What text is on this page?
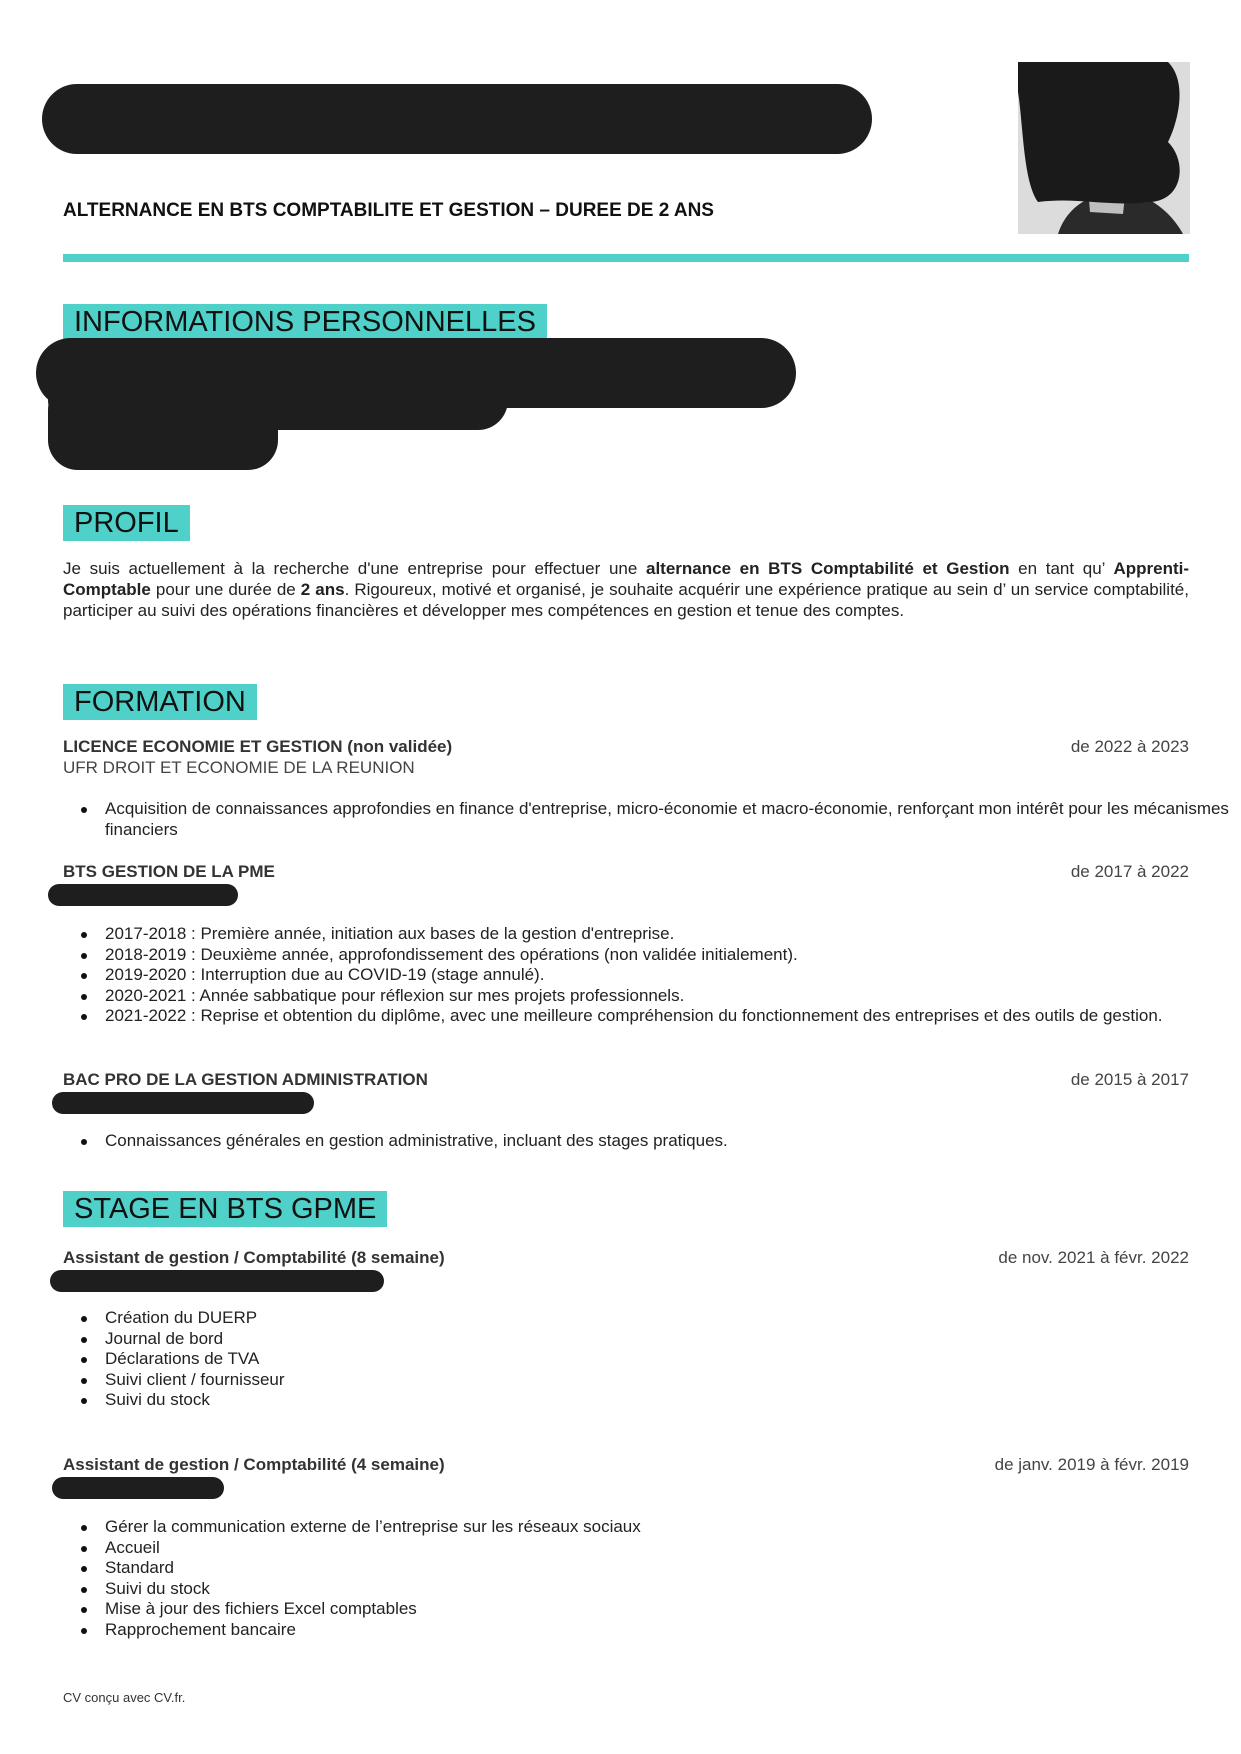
ALTERNANCE EN BTS COMPTABILITE ET GESTION – DUREE DE 2 ANS
INFORMATIONS PERSONNELLES
PROFIL
Je suis actuellement à la recherche d'une entreprise pour effectuer une alternance en BTS Comptabilité et Gestion en tant qu’ Apprenti-Comptable pour une durée de 2 ans. Rigoureux, motivé et organisé, je souhaite acquérir une expérience pratique au sein d’ un service comptabilité, participer au suivi des opérations financières et développer mes compétences en gestion et tenue des comptes.
FORMATION
LICENCE ECONOMIE ET GESTION (non validée)	de 2022 à 2023
UFR DROIT ET ECONOMIE DE LA REUNION
Acquisition de connaissances approfondies en finance d'entreprise, micro-économie et macro-économie, renforçant mon intérêt pour les mécanismes financiers
BTS GESTION DE LA PME	de 2017 à 2022
2017-2018 : Première année, initiation aux bases de la gestion d'entreprise.
2018-2019 : Deuxième année, approfondissement des opérations (non validée initialement).
2019-2020 : Interruption due au COVID-19 (stage annulé).
2020-2021 : Année sabbatique pour réflexion sur mes projets professionnels.
2021-2022 : Reprise et obtention du diplôme, avec une meilleure compréhension du fonctionnement des entreprises et des outils de gestion.
BAC PRO DE LA GESTION ADMINISTRATION	de 2015 à 2017
Connaissances générales en gestion administrative, incluant des stages pratiques.
STAGE EN BTS GPME
Assistant de gestion / Comptabilité (8 semaine)	de nov. 2021 à févr. 2022
Création du DUERP
Journal de bord
Déclarations de TVA
Suivi client / fournisseur
Suivi du stock
Assistant de gestion / Comptabilité (4 semaine)	de janv. 2019 à févr. 2019
Gérer la communication externe de l’entreprise sur les réseaux sociaux
Accueil
Standard
Suivi du stock
Mise à jour des fichiers Excel comptables
Rapprochement bancaire
CV conçu avec CV.fr.
